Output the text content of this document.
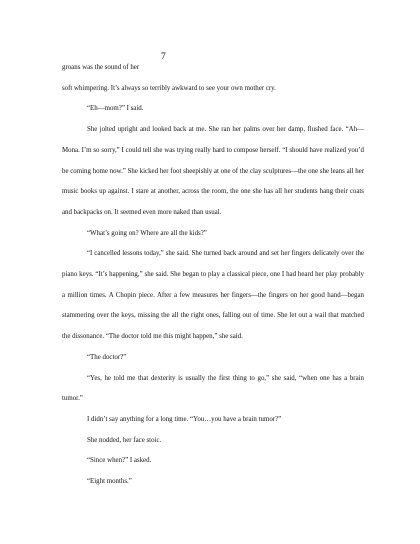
7

groans was the sound of her
soft whimpering. It’s always so terribly awkward to see your own mother cry.

“Eh—mom?” I said.

She jolted upright and looked back at me. She ran her palms over her damp, flushed face. “Ah—Mona. I’m so sorry,” I could tell she was trying really hard to compose herself. “I should have realized you’d be coming home now.” She kicked her foot sheepishly at one of the clay sculptures—the one she leans all her music books up against. I stare at another, across the room, the one she has all her students hang their coats and backpacks on. It seemed even more naked than usual.

“What’s going on? Where are all the kids?”

“I cancelled lessons today,” she said. She turned back around and set her fingers delicately over the piano keys. “It’s happening,” she said. She began to play a classical piece, one I had heard her play probably a million times. A Chopin piece. After a few measures her fingers—the fingers on her good hand—began stammering over the keys, missing the all the right ones, falling out of time. She let out a wail that matched the dissonance. “The doctor told me this might happen,” she said.

“The doctor?”

“Yes, he told me that dexterity is usually the first thing to go,” she said, “when one has a brain tumor.”

I didn’t say anything for a long time. “You…you have a brain tumor?”

She nodded, her face stoic.

“Since when?” I asked.

“Eight months.”
